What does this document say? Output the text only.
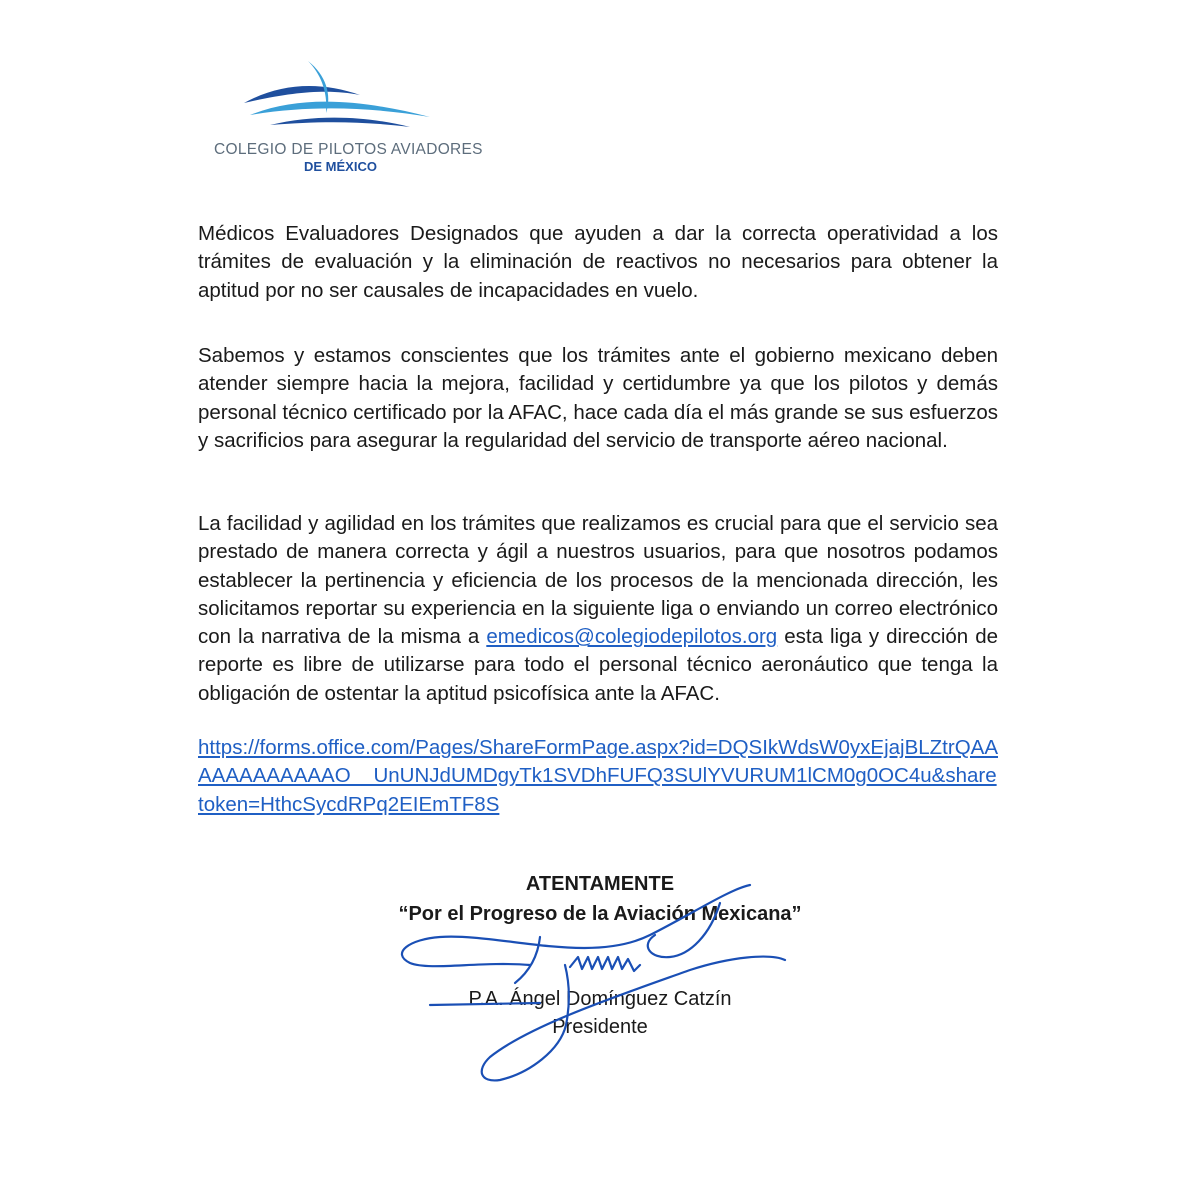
COLEGIO DE PILOTOS AVIADORES
DE MÉXICO

Médicos Evaluadores Designados que ayuden a dar la correcta operatividad a los trámites de evaluación y la eliminación de reactivos no necesarios para obtener la aptitud por no ser causales de incapacidades en vuelo.

Sabemos y estamos conscientes que los trámites ante el gobierno mexicano deben atender siempre hacia la mejora, facilidad y certidumbre ya que los pilotos y demás personal técnico certificado por la AFAC, hace cada día el más grande se sus esfuerzos y sacrificios para asegurar la regularidad del servicio de transporte aéreo nacional.

La facilidad y agilidad en los trámites que realizamos es crucial para que el servicio sea prestado de manera correcta y ágil a nuestros usuarios, para que nosotros podamos establecer la pertinencia y eficiencia de los procesos de la mencionada dirección, les solicitamos reportar su experiencia en la siguiente liga o enviando un correo electrónico con la narrativa de la misma a emedicos@colegiodepilotos.org esta liga y dirección de reporte es libre de utilizarse para todo el personal técnico aeronáutico que tenga la obligación de ostentar la aptitud psicofísica ante la AFAC.

https://forms.office.com/Pages/ShareFormPage.aspx?id=DQSIkWdsW0yxEjajBLZtrQAAAAAAAAAAAAO__UnUNJdUMDgyTk1SVDhFUFQ3SUlYVURUM1lCM0g0OC4u&sharetoken=HthcSycdRPq2EIEmTF8S

ATENTAMENTE

“Por el Progreso de la Aviación Mexicana”

P.A. Ángel Domínguez Catzín

Presidente
